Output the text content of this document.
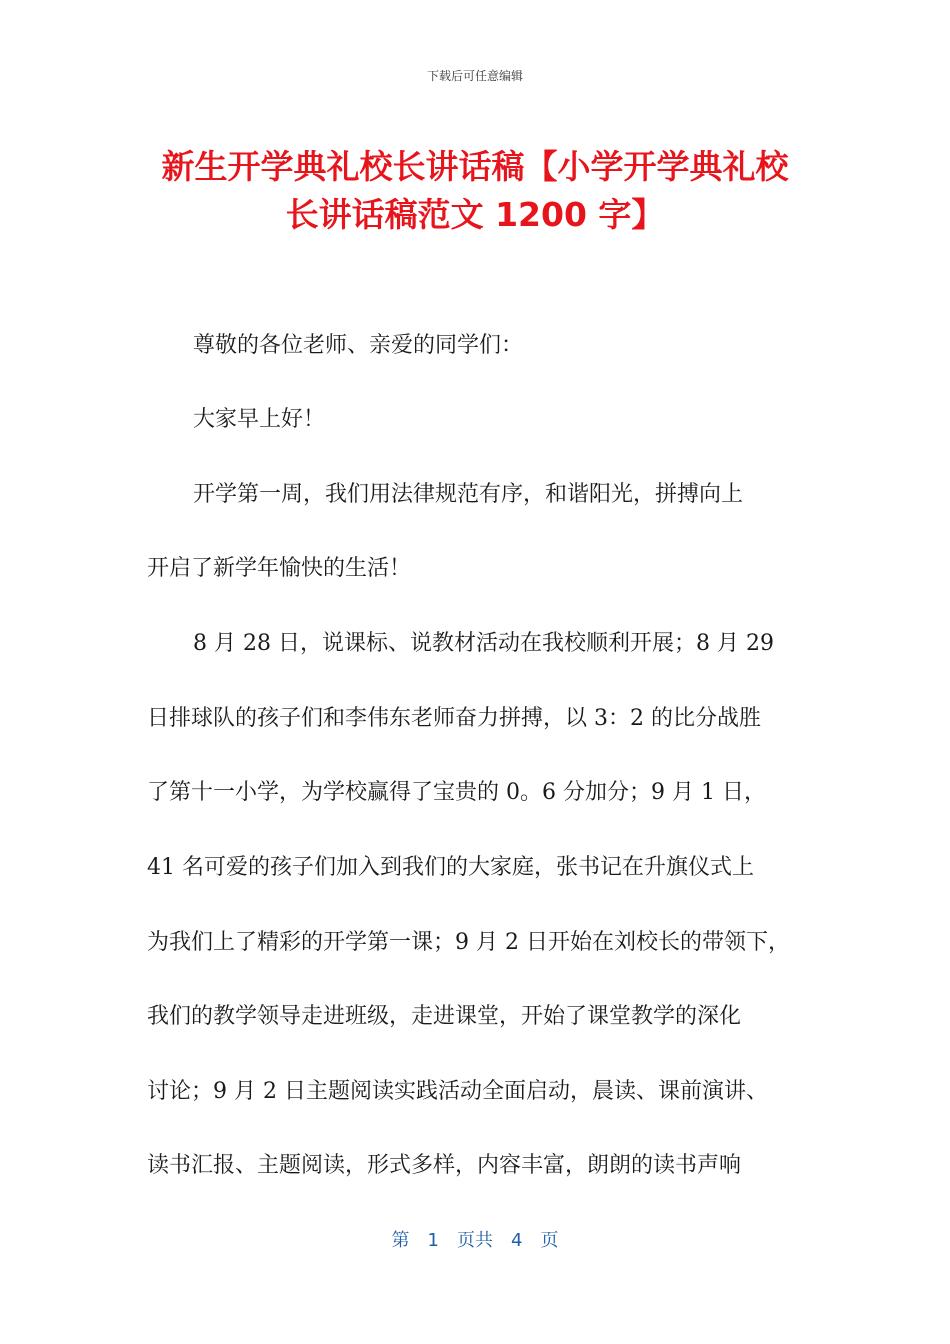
下载后可任意编辑
新生开学典礼校长讲话稿【小学开学典礼校
长讲话稿范文 1200 字】
尊敬的各位老师、亲爱的同学们：
大家早上好！
开学第一周，我们用法律规范有序，和谐阳光，拼搏向上
开启了新学年愉快的生活！
8 月 28 日，说课标、说教材活动在我校顺利开展；8 月 29
日排球队的孩子们和李伟东老师奋力拼搏，以 3：2 的比分战胜
了第十一小学，为学校赢得了宝贵的 0。6 分加分；9 月 1 日，
41 名可爱的孩子们加入到我们的大家庭，张书记在升旗仪式上
为我们上了精彩的开学第一课；9 月 2 日开始在刘校长的带领下，
我们的教学领导走进班级，走进课堂，开始了课堂教学的深化
讨论；9 月 2 日主题阅读实践活动全面启动，晨读、课前演讲、
读书汇报、主题阅读，形式多样，内容丰富，朗朗的读书声响
第 1 页共 4 页
